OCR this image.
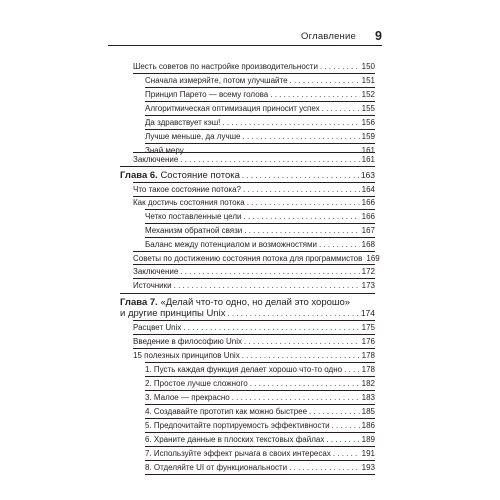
Оглавление 9
Шесть советов по настройке производительности . . .	150
Сначала измеряйте, потом улучшайте . . .	151
Принцип Парето — всему голова . . .	152
Алгоритмическая оптимизация приносит успех . . .	155
Да здравствует кэш! . . .	156
Лучше меньше, да лучше . . .	159
Знай меру . . .	161
Заключение . . .	161
Глава 6.
Состояние потока . . .	163
Что такое состояние потока? . . .	164
Как достичь состояния потока . . .	166
Четко поставленные цели . . .	166
Механизм обратной связи . . .	167
Баланс между потенциалом и возможностями . . .	168
Советы по достижению состояния потока для программистов 169
Заключение . . .	172
Источники . . .	173
Глава 7.
«Делай что-то одно, но делай это хорошо»
и другие принципы Unix . . .	174
Расцвет Unix . . .	175
Введение в философию Unix . . .	176
15 полезных принципов Unix . . .	178
1. Пусть каждая функция делает хорошо что-то одно . . . 178
2. Простое лучше сложного . . .	182
3. Малое — прекрасно . . .	183
4. Создавайте прототип как можно быстрее . . .	185
5. Предпочитайте портируемость эффективности . . .	186
6. Храните данные в плоских текстовых файлах . . .	189
7. Используйте эффект рычага в своих интересах . . .	191
8. Отделяйте UI от функциональности . . .	193
